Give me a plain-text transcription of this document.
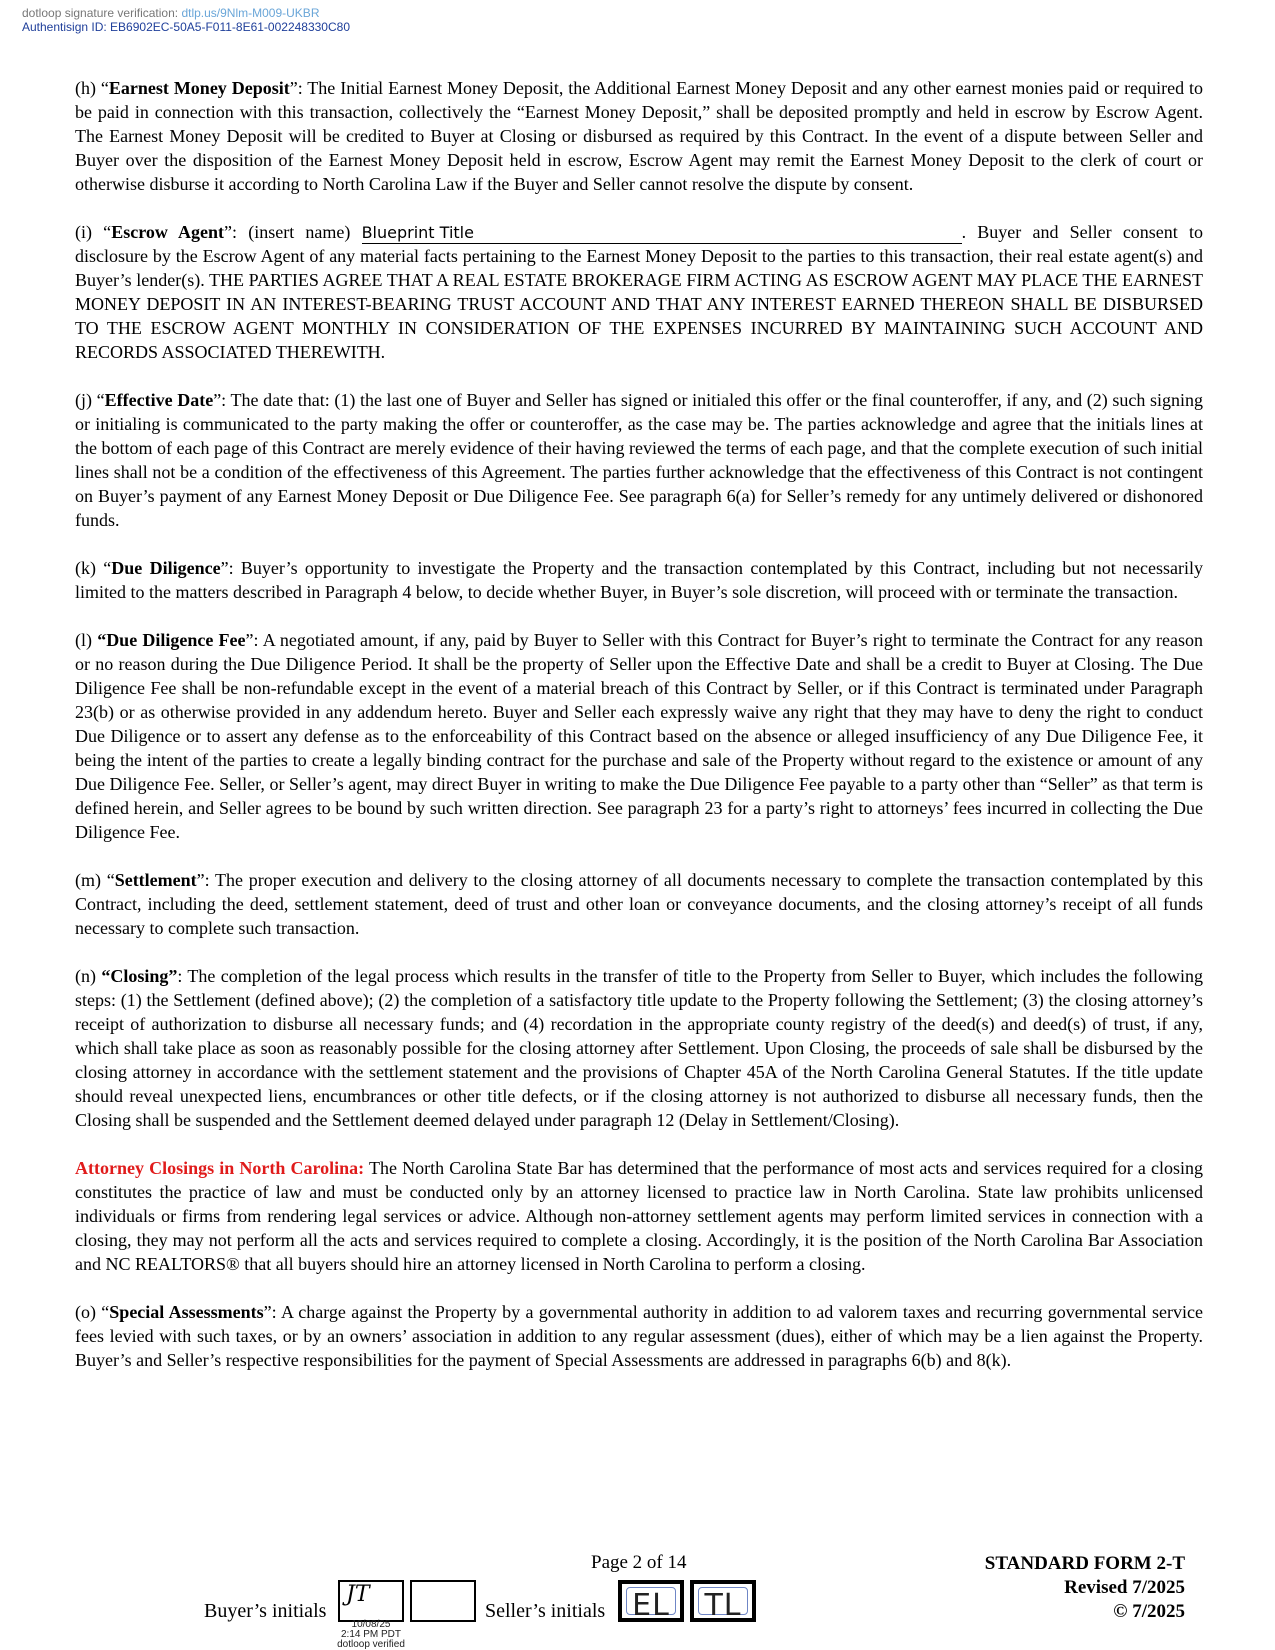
dotloop signature verification: dtlp.us/9Nlm-M009-UKBR
Authentisign ID: EB6902EC-50A5-F011-8E61-002248330C80

(h) “Earnest Money Deposit”: The Initial Earnest Money Deposit, the Additional Earnest Money Deposit and any other earnest monies paid or required to be paid in connection with this transaction, collectively the “Earnest Money Deposit,” shall be deposited promptly and held in escrow by Escrow Agent. The Earnest Money Deposit will be credited to Buyer at Closing or disbursed as required by this Contract. In the event of a dispute between Seller and Buyer over the disposition of the Earnest Money Deposit held in escrow, Escrow Agent may remit the Earnest Money Deposit to the clerk of court or otherwise disburse it according to North Carolina Law if the Buyer and Seller cannot resolve the dispute by consent.

(i) “Escrow Agent”: (insert name) Blueprint Title	. Buyer and Seller consent to disclosure by the Escrow Agent of any material facts pertaining to the Earnest Money Deposit to the parties to this transaction, their real estate agent(s) and Buyer’s lender(s). THE PARTIES AGREE THAT A REAL ESTATE BROKERAGE FIRM ACTING AS ESCROW AGENT MAY PLACE THE EARNEST MONEY DEPOSIT IN AN INTEREST-BEARING TRUST ACCOUNT AND THAT ANY INTEREST EARNED THEREON SHALL BE DISBURSED TO THE ESCROW AGENT MONTHLY IN CONSIDERATION OF THE EXPENSES INCURRED BY MAINTAINING SUCH ACCOUNT AND RECORDS ASSOCIATED THEREWITH.

(j) “Effective Date”: The date that: (1) the last one of Buyer and Seller has signed or initialed this offer or the final counteroffer, if any, and (2) such signing or initialing is communicated to the party making the offer or counteroffer, as the case may be. The parties acknowledge and agree that the initials lines at the bottom of each page of this Contract are merely evidence of their having reviewed the terms of each page, and that the complete execution of such initial lines shall not be a condition of the effectiveness of this Agreement. The parties further acknowledge that the effectiveness of this Contract is not contingent on Buyer’s payment of any Earnest Money Deposit or Due Diligence Fee. See paragraph 6(a) for Seller’s remedy for any untimely delivered or dishonored funds.

(k) “Due Diligence”: Buyer’s opportunity to investigate the Property and the transaction contemplated by this Contract, including but not necessarily limited to the matters described in Paragraph 4 below, to decide whether Buyer, in Buyer’s sole discretion, will proceed with or terminate the transaction.

(l) “Due Diligence Fee”: A negotiated amount, if any, paid by Buyer to Seller with this Contract for Buyer’s right to terminate the Contract for any reason or no reason during the Due Diligence Period. It shall be the property of Seller upon the Effective Date and shall be a credit to Buyer at Closing. The Due Diligence Fee shall be non-refundable except in the event of a material breach of this Contract by Seller, or if this Contract is terminated under Paragraph 23(b) or as otherwise provided in any addendum hereto. Buyer and Seller each expressly waive any right that they may have to deny the right to conduct Due Diligence or to assert any defense as to the enforceability of this Contract based on the absence or alleged insufficiency of any Due Diligence Fee, it being the intent of the parties to create a legally binding contract for the purchase and sale of the Property without regard to the existence or amount of any Due Diligence Fee. Seller, or Seller’s agent, may direct Buyer in writing to make the Due Diligence Fee payable to a party other than “Seller” as that term is defined herein, and Seller agrees to be bound by such written direction. See paragraph 23 for a party’s right to attorneys’ fees incurred in collecting the Due Diligence Fee.

(m) “Settlement”: The proper execution and delivery to the closing attorney of all documents necessary to complete the transaction contemplated by this Contract, including the deed, settlement statement, deed of trust and other loan or conveyance documents, and the closing attorney’s receipt of all funds necessary to complete such transaction.

(n) “Closing”: The completion of the legal process which results in the transfer of title to the Property from Seller to Buyer, which includes the following steps: (1) the Settlement (defined above); (2) the completion of a satisfactory title update to the Property following the Settlement; (3) the closing attorney’s receipt of authorization to disburse all necessary funds; and (4) recordation in the appropriate county registry of the deed(s) and deed(s) of trust, if any, which shall take place as soon as reasonably possible for the closing attorney after Settlement. Upon Closing, the proceeds of sale shall be disbursed by the closing attorney in accordance with the settlement statement and the provisions of Chapter 45A of the North Carolina General Statutes. If the title update should reveal unexpected liens, encumbrances or other title defects, or if the closing attorney is not authorized to disburse all necessary funds, then the Closing shall be suspended and the Settlement deemed delayed under paragraph 12 (Delay in Settlement/Closing).

Attorney Closings in North Carolina: The North Carolina State Bar has determined that the performance of most acts and services required for a closing constitutes the practice of law and must be conducted only by an attorney licensed to practice law in North Carolina. State law prohibits unlicensed individuals or firms from rendering legal services or advice. Although non-attorney settlement agents may perform limited services in connection with a closing, they may not perform all the acts and services required to complete a closing. Accordingly, it is the position of the North Carolina Bar Association and NC REALTORS® that all buyers should hire an attorney licensed in North Carolina to perform a closing.

(o) “Special Assessments”: A charge against the Property by a governmental authority in addition to ad valorem taxes and recurring governmental service fees levied with such taxes, or by an owners’ association in addition to any regular assessment (dues), either of which may be a lien against the Property. Buyer’s and Seller’s respective responsibilities for the payment of Special Assessments are addressed in paragraphs 6(b) and 8(k).

Page 2 of 14	STANDARD FORM 2-T
Revised 7/2025
© 7/2025
Buyer’s initials
JT
10/08/25
2:14 PM PDT
dotloop verified
Seller’s initials EL	TL
